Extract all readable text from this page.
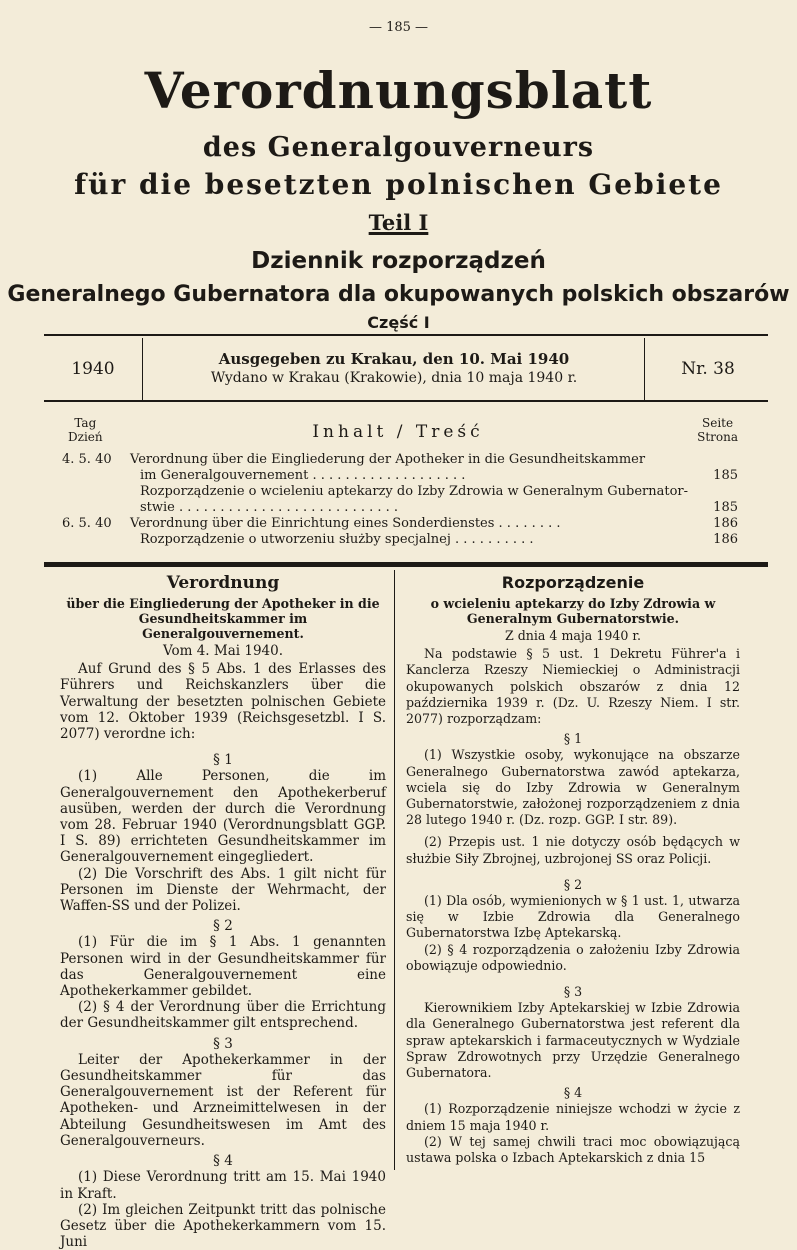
— 185 —
Verordnungsblatt
des Generalgouverneurs
für die besetzten polnischen Gebiete
Teil I
Dziennik rozporządzeń
Generalnego Gubernatora dla okupowanych polskich obszarów
Część I
1940	Ausgegeben zu Krakau, den 10. Mai 1940
Wydano w Krakau (Krakowie), dnia 10 maja 1940 r.	Nr. 38
Tag
Dzień	Inhalt / Treść	Seite
Strona
4. 5. 40 Verordnung über die Eingliederung der Apotheker in die Gesundheitskammer
im Generalgouvernement . . . . . . . . . . . . . . . . . . .	185
Rozporządzenie o wcieleniu aptekarzy do Izby Zdrowia w Generalnym Gubernator-
stwie . . . . . . . . . . . . . . . . . . . . . . . . . . .	185
6. 5. 40 Verordnung über die Einrichtung eines Sonderdienstes . . . . . . . .	186
Rozporządzenie o utworzeniu służby specjalnej . . . . . . . . . .	186
Verordnung
über die Eingliederung der Apotheker in die Gesundheitskammer im Generalgouvernement.
Vom 4. Mai 1940.

Auf Grund des § 5 Abs. 1 des Erlasses des Führers und Reichskanzlers über die Verwaltung der besetzten polnischen Gebiete vom 12. Oktober 1939 (Reichsgesetzbl. I S. 2077) verordne ich:

§ 1

(1) Alle Personen, die im Generalgouvernement den Apothekerberuf ausüben, werden der durch die Verordnung vom 28. Februar 1940 (Verordnungsblatt GGP. I S. 89) errichteten Gesundheitskammer im Generalgouvernement eingegliedert.

(2) Die Vorschrift des Abs. 1 gilt nicht für Personen im Dienste der Wehrmacht, der Waffen-SS und der Polizei.

§ 2

(1) Für die im § 1 Abs. 1 genannten Personen wird in der Gesundheitskammer für das Generalgouvernement eine Apothekerkammer gebildet.

(2) § 4 der Verordnung über die Errichtung der Gesundheitskammer gilt entsprechend.

§ 3

Leiter der Apothekerkammer in der Gesundheitskammer für das Generalgouvernement ist der Referent für Apotheken- und Arzneimittelwesen in der Abteilung Gesundheitswesen im Amt des Generalgouverneurs.

§ 4

(1) Diese Verordnung tritt am 15. Mai 1940 in Kraft.

(2) Im gleichen Zeitpunkt tritt das polnische Gesetz über die Apothekerkammern vom 15. Juni

Rozporządzenie
o wcieleniu aptekarzy do Izby Zdrowia w Generalnym Gubernatorstwie.
Z dnia 4 maja 1940 r.

Na podstawie § 5 ust. 1 Dekretu Führer'a i Kanclerza Rzeszy Niemieckiej o Administracji okupowanych polskich obszarów z dnia 12 października 1939 r. (Dz. U. Rzeszy Niem. I str. 2077) rozporządzam:

§ 1

(1) Wszystkie osoby, wykonujące na obszarze Generalnego Gubernatorstwa zawód aptekarza, wciela się do Izby Zdrowia w Generalnym Gubernatorstwie, założonej rozporządzeniem z dnia 28 lutego 1940 r. (Dz. rozp. GGP. I str. 89).

(2) Przepis ust. 1 nie dotyczy osób będących w służbie Siły Zbrojnej, uzbrojonej SS oraz Policji.

§ 2

(1) Dla osób, wymienionych w § 1 ust. 1, utwarza się w Izbie Zdrowia dla Generalnego Gubernatorstwa Izbę Aptekarską.

(2) § 4 rozporządzenia o założeniu Izby Zdrowia obowiązuje odpowiednio.

§ 3

Kierownikiem Izby Aptekarskiej w Izbie Zdrowia dla Generalnego Gubernatorstwa jest referent dla spraw aptekarskich i farmaceutycznych w Wydziale Spraw Zdrowotnych przy Urzędzie Generalnego Gubernatora.

§ 4

(1) Rozporządzenie niniejsze wchodzi w życie z dniem 15 maja 1940 r.

(2) W tej samej chwili traci moc obowiązującą ustawa polska o Izbach Aptekarskich z dnia 15
